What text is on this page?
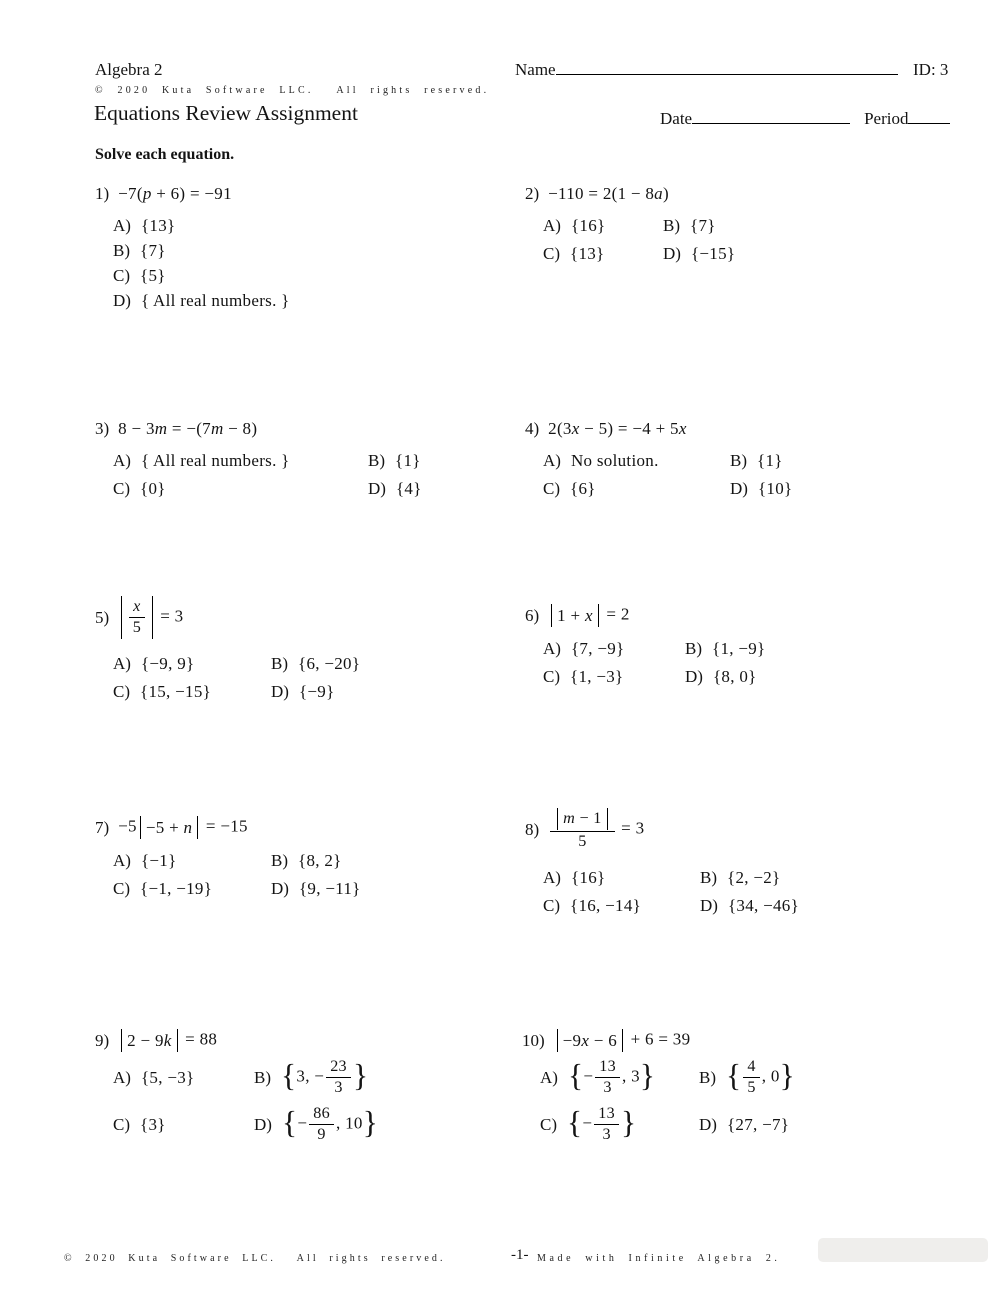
Algebra 2	Name	ID: 3
© 2020 Kuta Software LLC.  All rights reserved.
Equations Review Assignment	Date	Period
Solve each equation.
1) −7(p + 6) = −91
A) {13}
B) {7}
C) {5}
D) { All real numbers. }
2) −110 = 2(1 − 8a)
A) {16}	B) {7}
C) {13}	D) {−15}
3) 8 − 3m = −(7m − 8)
A) { All real numbers. }	B) {1}
C) {0}	D) {4}
4) 2(3x − 5) = −4 + 5x
A) No solution.	B) {1}
C) {6}	D) {10}
$5) \frac{x}{5} = 3$
A) {−9, 9}	B) {6, −20}
C) {15, −15}	D) {−9}
6)	1 + x = 2
A) {7, −9}	B) {1, −9}
C) {1, −3}	D) {8, 0}
7) −5 −5 + n = −15
A) {−1}	B) {8, 2}
C) {−1, −19}	D) {9, −11}
$8) \frac{m - 1}{5} = 3$
A) {16}	B) {2, −2}
C) {16, −14}	D) {34, −46}
9)	2 − 9k = 88
A) {5, −3}	B) {3, − $\frac{23}{3}$ }
C) {3}	D) {− $\frac{86}{9}$ , 10}
10)	−9x − 6 + 6 = 39
A) {− $\frac{13}{3}$ , 3}	B) { $\frac{4}{5}$ , 0}
C) {− $\frac{13}{3}$ }	D) {27, −7}
© 2020 Kuta Software LLC.  All rights reserved.	-1- Made with Infinite Algebra 2.
